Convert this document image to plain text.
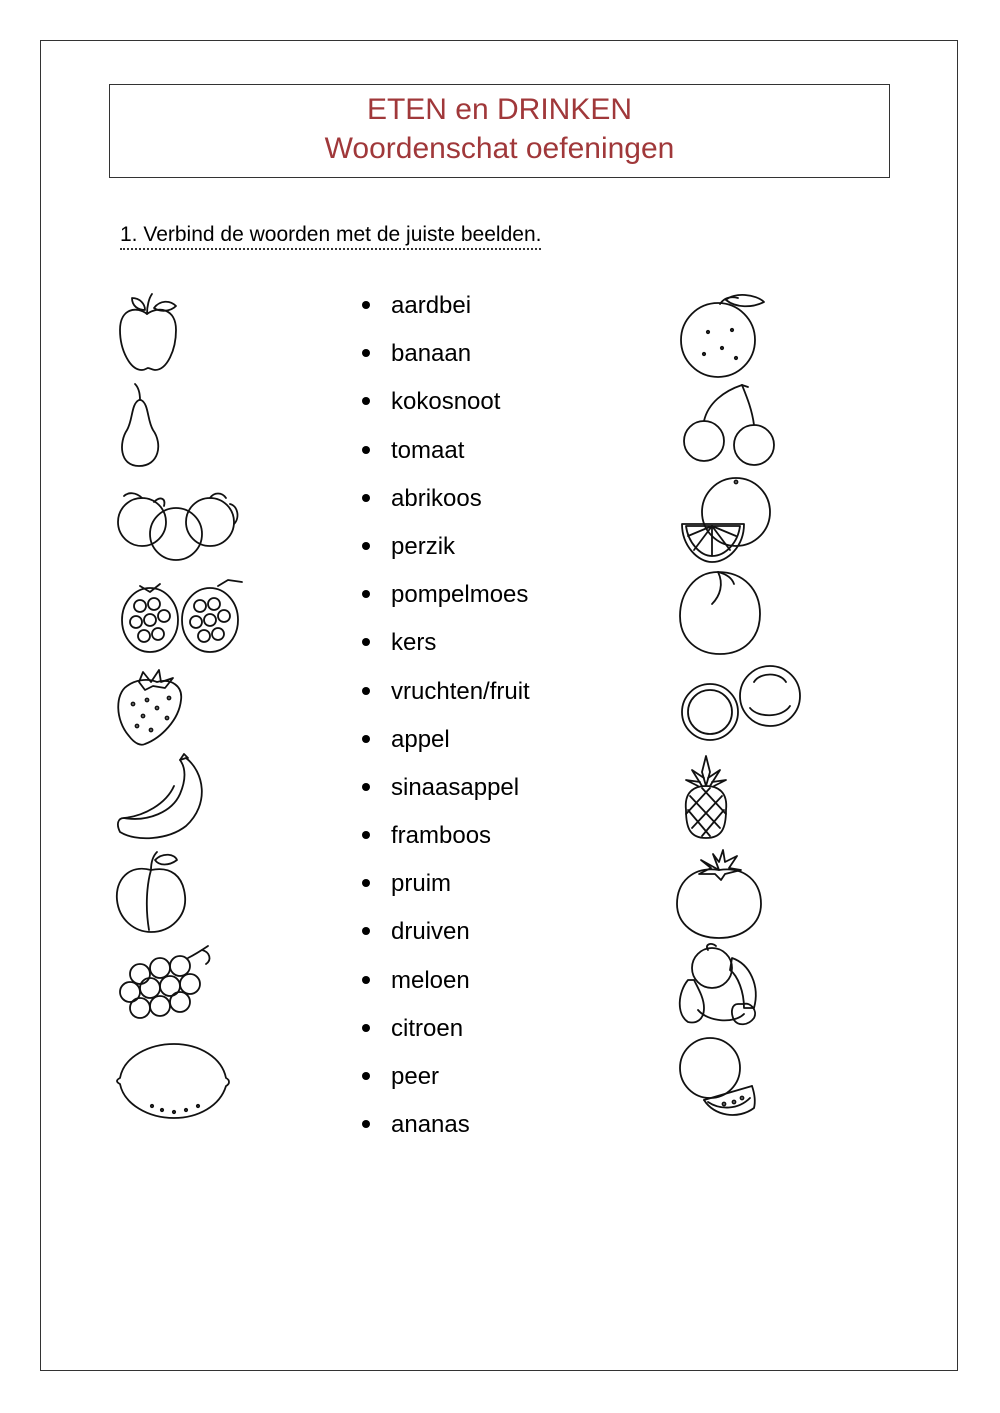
ETEN en DRINKEN
Woordenschat oefeningen
1. Verbind de woorden met de juiste beelden.
aardbei
banaan
kokosnoot
tomaat
abrikoos
perzik
pompelmoes
kers
vruchten/fruit
appel
sinaasappel
framboos
pruim
druiven
meloen
citroen
peer
ananas
